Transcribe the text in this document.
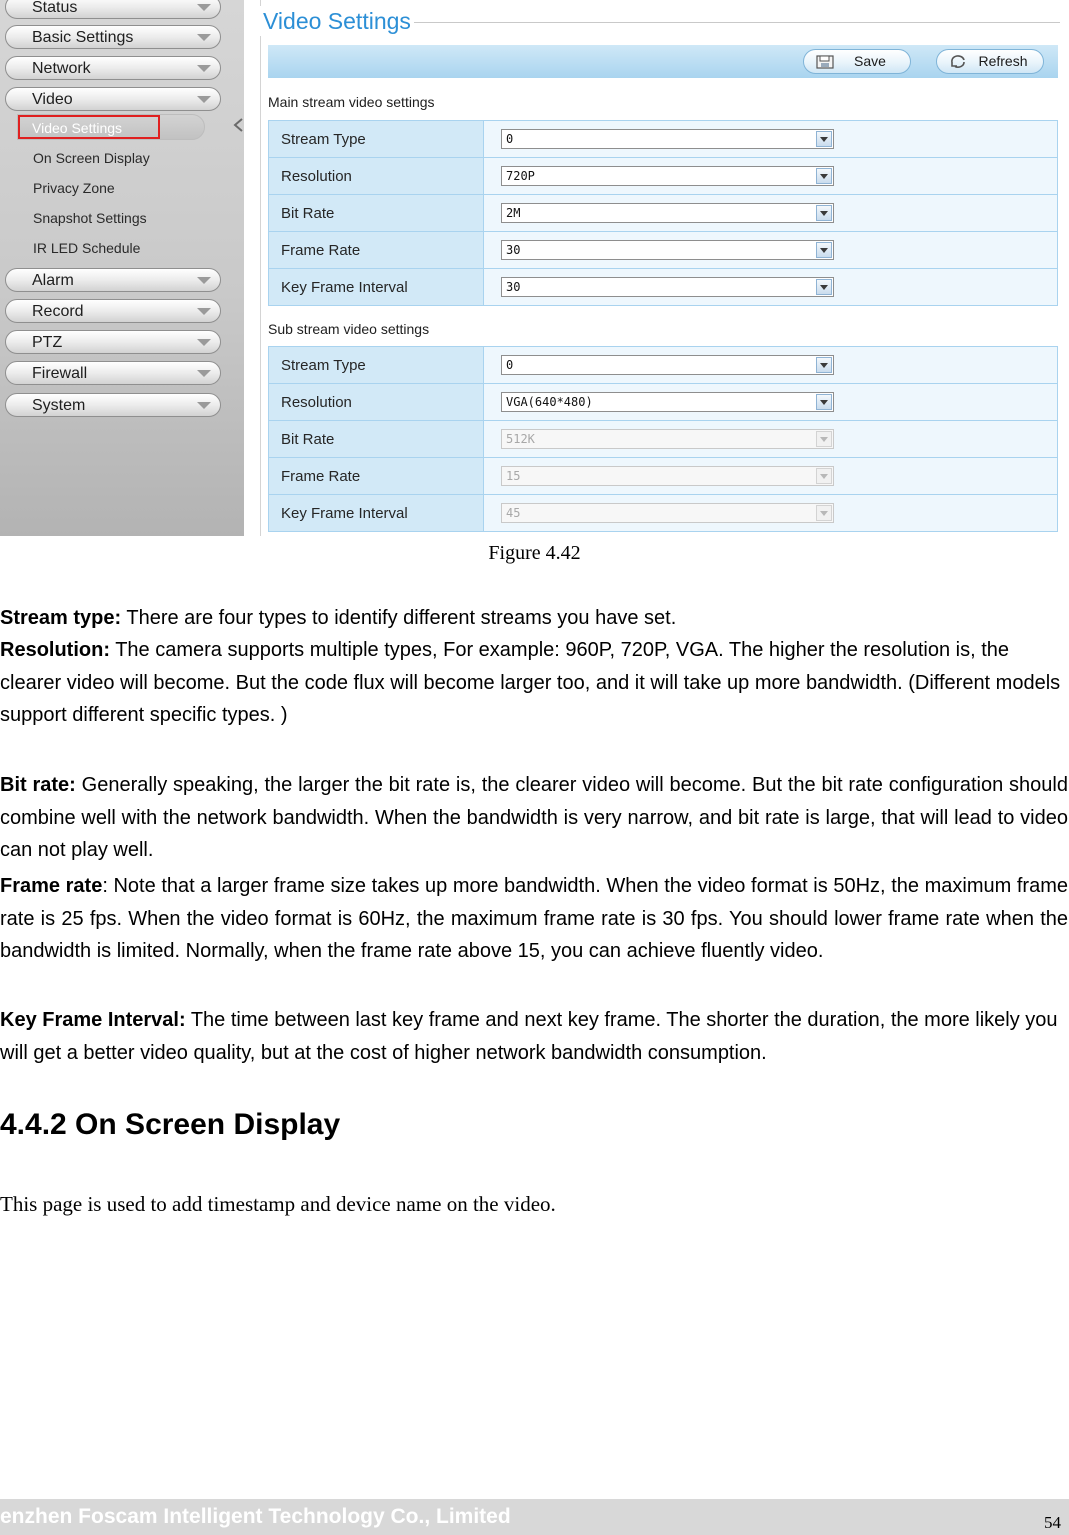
Status
Basic Settings
Network
Video
Video Settings
On Screen Display
Privacy Zone
Snapshot Settings
IR LED Schedule
Alarm
Record
PTZ
Firewall
System
Video Settings
Save	Refresh
Main stream video settings
Stream Type	0

Resolution	720P

Bit Rate	2M

Frame Rate	30

Key Frame Interval	30
Sub stream video settings
Stream Type	0

Resolution	VGA(640*480)

Bit Rate	512K

Frame Rate	15

Key Frame Interval	45
Figure 4.42

Stream type: There are four types to identify different streams you have set.

Resolution: The camera supports multiple types, For example: 960P, 720P, VGA. The higher the resolution is, the clearer video will become. But the code flux will become larger too, and it will take up more bandwidth. (Different models support different specific types. )

Bit rate: Generally speaking, the larger the bit rate is, the clearer video will become. But the bit rate configuration should combine well with the network bandwidth. When the bandwidth is very narrow, and bit rate is large, that will lead to video can not play well.

Frame rate: Note that a larger frame size takes up more bandwidth. When the video format is 50Hz, the maximum frame rate is 25 fps. When the video format is 60Hz, the maximum frame rate is 30 fps. You should lower frame rate when the bandwidth is limited. Normally, when the frame rate above 15, you can achieve fluently video.

Key Frame Interval: The time between last key frame and next key frame. The shorter the duration, the more likely you will get a better video quality, but at the cost of higher network bandwidth consumption.

4.4.2 On Screen Display

This page is used to add timestamp and device name on the video.

enzhen Foscam Intelligent Technology Co., Limited	54
